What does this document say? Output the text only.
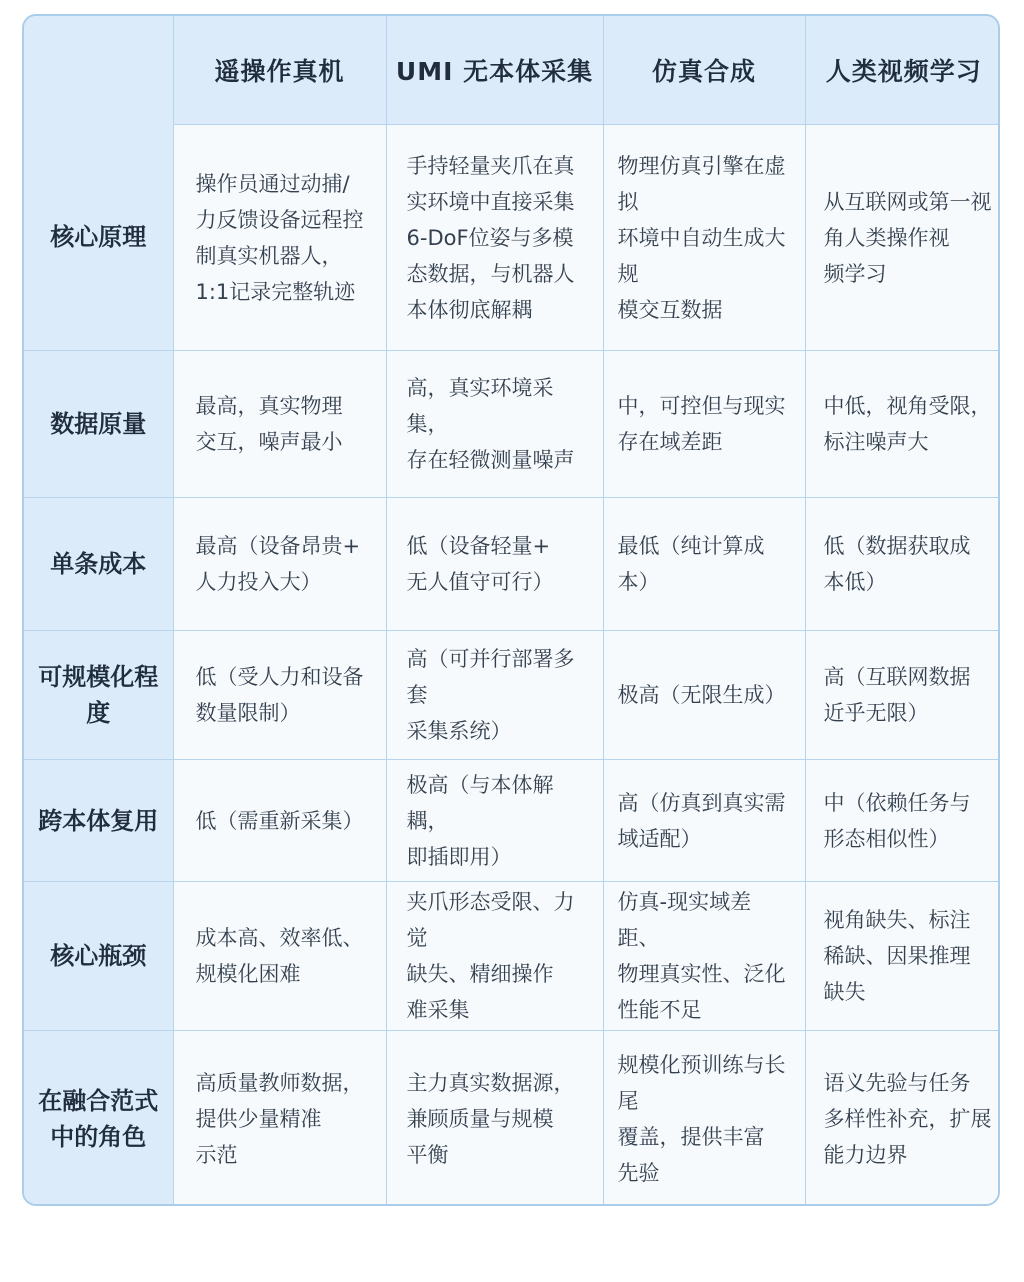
	遥操作真机	UMI 无本体采集	仿真合成	人类视频学习

核心原理	操作员通过动捕/
力反馈设备远程控
制真实机器人，
1:1记录完整轨迹	手持轻量夹爪在真
实环境中直接采集
6-DoF位姿与多模
态数据，与机器人
本体彻底解耦	物理仿真引擎在虚拟
环境中自动生成大规
模交互数据	从互联网或第一视
角人类操作视
频学习

数据原量	最高，真实物理
交互，噪声最小	高，真实环境采集，
存在轻微测量噪声	中，可控但与现实
存在域差距	中低，视角受限，
标注噪声大

单条成本	最高（设备昂贵+
人力投入大）	低（设备轻量+
无人值守可行）	最低（纯计算成本）	低（数据获取成
本低）

可规模化程度	低（受人力和设备
数量限制）	高（可并行部署多套
采集系统）	极高（无限生成）	高（互联网数据
近乎无限）

跨本体复用	低（需重新采集）	极高（与本体解耦，
即插即用）	高（仿真到真实需
域适配）	中（依赖任务与
形态相似性）

核心瓶颈	成本高、效率低、
规模化困难	夹爪形态受限、力觉
缺失、精细操作
难采集	仿真-现实域差距、
物理真实性、泛化
性能不足	视角缺失、标注
稀缺、因果推理
缺失

在融合范式
中的角色	高质量教师数据，
提供少量精准
示范	主力真实数据源，
兼顾质量与规模
平衡	规模化预训练与长尾
覆盖，提供丰富
先验	语义先验与任务
多样性补充，扩展
能力边界
